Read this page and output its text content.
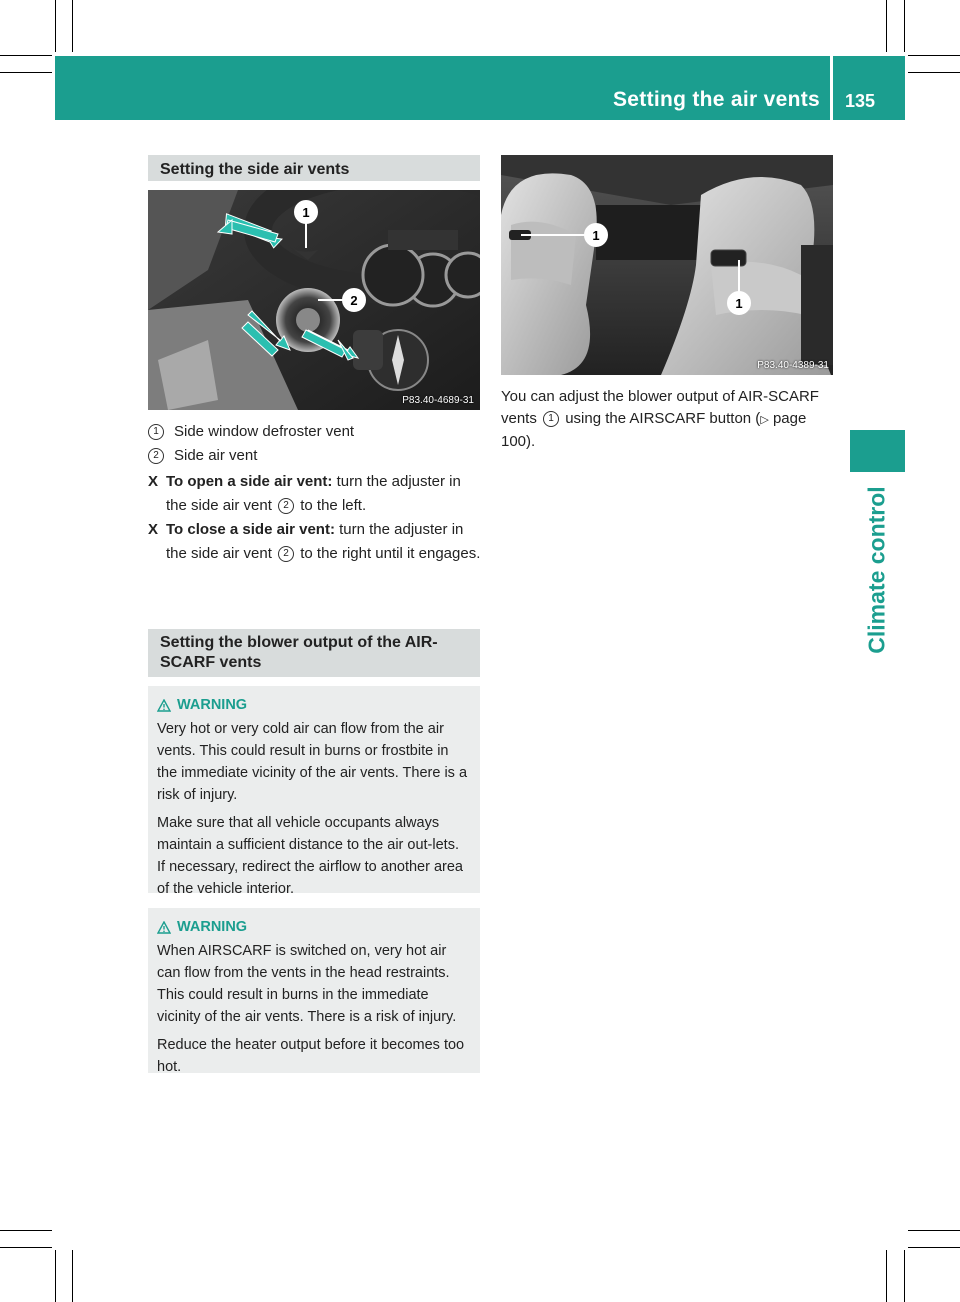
Setting the air vents 135
Climate control
Setting the side air vents
1
2
P83.40-4689-31
1 Side window defroster vent
2 Side air vent
X To open a side air vent: turn the adjuster in the side air vent 2 to the left.
X To close a side air vent: turn the adjuster in the side air vent 2 to the right until it engages.
Setting the blower output of the AIR-SCARF vents
WARNING

Very hot or very cold air can flow from the air vents. This could result in burns or frostbite in the immediate vicinity of the air vents. There is a risk of injury.

Make sure that all vehicle occupants always maintain a sufficient distance to the air out-lets. If necessary, redirect the airflow to another area of the vehicle interior.

WARNING

When AIRSCARF is switched on, very hot air can flow from the vents in the head restraints. This could result in burns in the immediate vicinity of the air vents. There is a risk of injury.

Reduce the heater output before it becomes too hot.

1
1
P83.40-4389-31
You can adjust the blower output of AIR-SCARF vents 1 using the AIRSCARF button (▷ page 100).
